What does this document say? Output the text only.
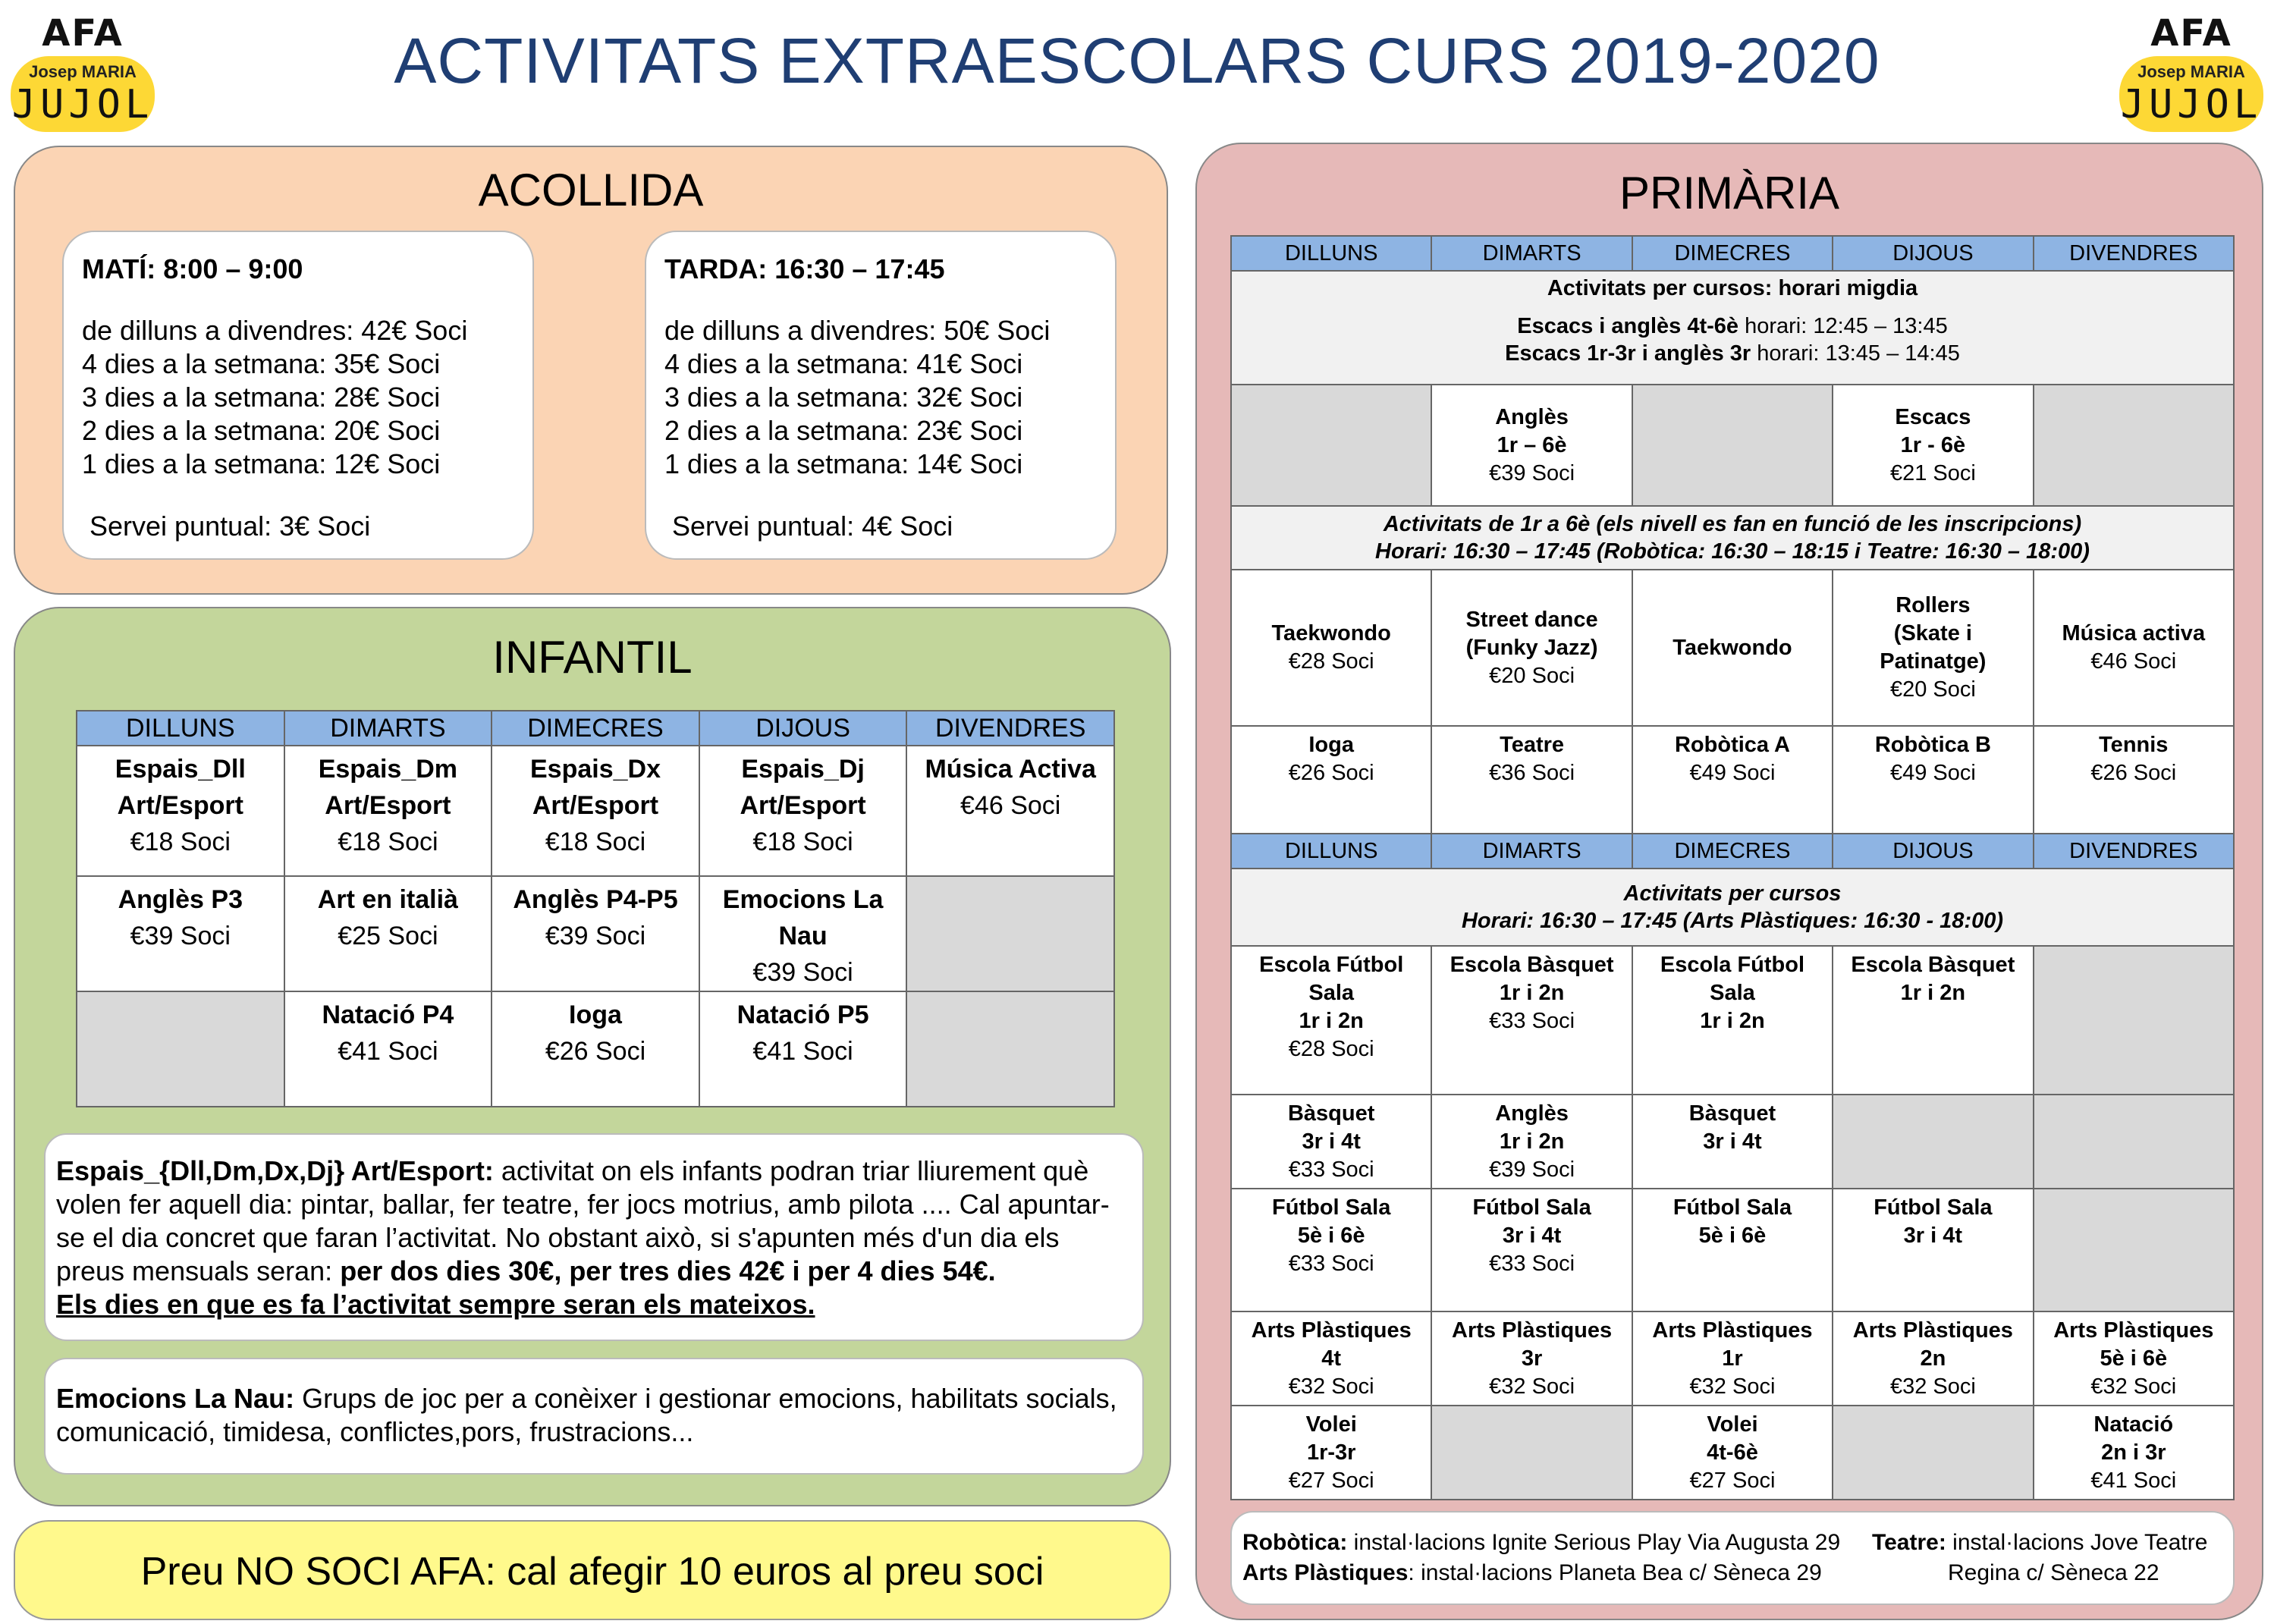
ACTIVITATS EXTRAESCOLARS CURS 2019-2020
AFA
Josep MARIA
JUJOL
AFA
Josep MARIA
JUJOL
ACOLLIDA
MATÍ: 8:00 – 9:00
de dilluns a divendres: 42€ Soci
4 dies a la setmana: 35€ Soci
3 dies a la setmana: 28€ Soci
2 dies a la setmana: 20€ Soci
1 dies a la setmana: 12€ Soci
Servei puntual: 3€ Soci
TARDA: 16:30 – 17:45
de dilluns a divendres: 50€ Soci
4 dies a la setmana: 41€ Soci
3 dies a la setmana: 32€ Soci
2 dies a la setmana: 23€ Soci
1 dies a la setmana: 14€ Soci
Servei puntual: 4€ Soci
INFANTIL
DILLUNS	DIMARTS	DIMECRES	DIJOUS	DIVENDRES

Espais_Dll
Art/Esport
€18 Soci	Espais_Dm
Art/Esport
€18 Soci	Espais_Dx
Art/Esport
€18 Soci	Espais_Dj
Art/Esport
€18 Soci	Música Activa
€46 Soci

Anglès P3
€39 Soci	Art en italià
€25 Soci	Anglès P4-P5
€39 Soci	Emocions La Nau
€39 Soci	

	Natació P4
€41 Soci	Ioga
€26 Soci	Natació P5
€41 Soci	

Espais_{Dll,Dm,Dx,Dj} Art/Esport: activitat on els infants podran triar lliurement què volen fer aquell dia: pintar, ballar, fer teatre, fer jocs motrius, amb pilota .... Cal apuntar-se el dia concret que faran l’activitat. No obstant això, si s'apunten més d'un dia els preus mensuals seran: per dos dies 30€, per tres dies 42€ i per 4 dies 54€.
Els dies en que es fa l’activitat sempre seran els mateixos.
Emocions La Nau: Grups de joc per a conèixer i gestionar emocions, habilitats socials, comunicació, timidesa, conflictes,pors, frustracions...
Preu NO SOCI AFA: cal afegir 10 euros al preu soci
PRIMÀRIA
DILLUNS	DIMARTS	DIMECRES	DIJOUS	DIVENDRES

Activitats per cursos: horari migdia
Escacs i anglès 4t-6è horari: 12:45 – 13:45
Escacs 1r-3r i anglès 3r horari: 13:45 – 14:45				

	Anglès
1r – 6è
€39 Soci		Escacs
1r - 6è
€21 Soci	

Activitats de 1r a 6è (els nivell es fan en funció de les inscripcions)
Horari: 16:30 – 17:45 (Robòtica: 16:30 – 18:15 i Teatre: 16:30 – 18:00)				

Taekwondo
€28 Soci	Street dance
(Funky Jazz)
€20 Soci	Taekwondo	Rollers
(Skate i
Patinatge)
€20 Soci	Música activa
€46 Soci

Ioga
€26 Soci	Teatre
€36 Soci	Robòtica A
€49 Soci	Robòtica B
€49 Soci	Tennis
€26 Soci

DILLUNS	DIMARTS	DIMECRES	DIJOUS	DIVENDRES

Activitats per cursos
Horari: 16:30 – 17:45 (Arts Plàstiques: 16:30 - 18:00)				

Escola Fútbol
Sala
1r i 2n
€28 Soci	Escola Bàsquet
1r i 2n
€33 Soci	Escola Fútbol
Sala
1r i 2n	Escola Bàsquet
1r i 2n	

Bàsquet
3r i 4t
€33 Soci	Anglès
1r i 2n
€39 Soci	Bàsquet
3r i 4t		

Fútbol Sala
5è i 6è
€33 Soci	Fútbol Sala
3r i 4t
€33 Soci	Fútbol Sala
5è i 6è	Fútbol Sala
3r i 4t	

Arts Plàstiques
4t
€32 Soci	Arts Plàstiques
3r
€32 Soci	Arts Plàstiques
1r
€32 Soci	Arts Plàstiques
2n
€32 Soci	Arts Plàstiques
5è i 6è
€32 Soci

Volei
1r-3r
€27 Soci		Volei
4t-6è
€27 Soci		Natació
2n i 3r
€41 Soci
Robòtica: instal·lacions Ignite Serious Play Via Augusta 29 Teatre: instal·lacions Jove Teatre
Arts Plàstiques: instal·lacions Planeta Bea c/ Sèneca 29	Regina c/ Sèneca 22
